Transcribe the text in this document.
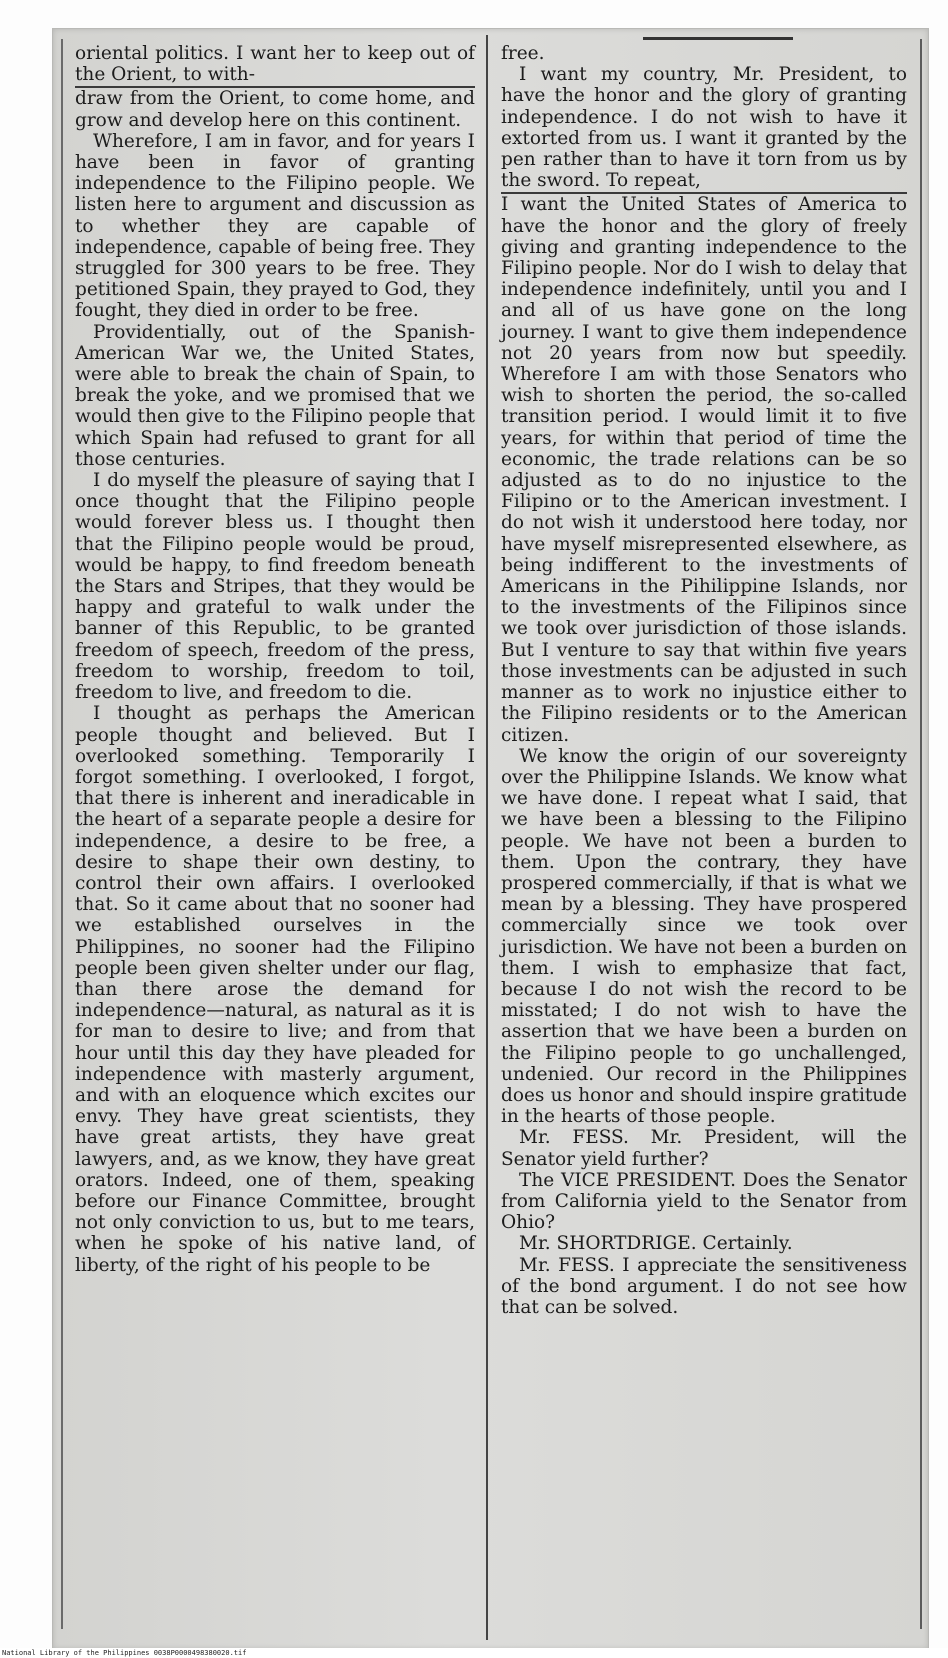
oriental politics. I want her to keep out of the Orient, to with-

draw from the Orient, to come home, and grow and develop here on this continent.

Wherefore, I am in favor, and for years I have been in favor of granting independence to the Filipino people. We listen here to argument and discussion as to whether they are capable of independence, capable of being free. They struggled for 300 years to be free. They petitioned Spain, they prayed to God, they fought, they died in order to be free.

Providentially, out of the Spanish-American War we, the United States, were able to break the chain of Spain, to break the yoke, and we promised that we would then give to the Filipino people that which Spain had refused to grant for all those centuries.

I do myself the pleasure of saying that I once thought that the Filipino people would forever bless us. I thought then that the Filipino people would be proud, would be happy, to find freedom beneath the Stars and Stripes, that they would be happy and grateful to walk under the banner of this Republic, to be granted freedom of speech, freedom of the press, freedom to worship, freedom to toil, freedom to live, and freedom to die.

I thought as perhaps the American people thought and believed. But I overlooked something. Temporarily I forgot something. I overlooked, I forgot, that there is inherent and ineradicable in the heart of a separate people a desire for independence, a desire to be free, a desire to shape their own destiny, to control their own affairs. I overlooked that. So it came about that no sooner had we established ourselves in the Philippines, no sooner had the Filipino people been given shelter under our flag, than there arose the demand for independence—natural, as natural as it is for man to desire to live; and from that hour until this day they have pleaded for independence with masterly argument, and with an eloquence which excites our envy. They have great scientists, they have great artists, they have great lawyers, and, as we know, they have great orators. Indeed, one of them, speaking before our Finance Committee, brought not only conviction to us, but to me tears, when he spoke of his native land, of liberty, of the right of his people to be

free.

I want my country, Mr. President, to have the honor and the glory of granting independence. I do not wish to have it extorted from us. I want it granted by the pen rather than to have it torn from us by the sword. To repeat,

I want the United States of America to have the honor and the glory of freely giving and granting independence to the Filipino people. Nor do I wish to delay that independence indefinitely, until you and I and all of us have gone on the long journey. I want to give them independence not 20 years from now but speedily. Wherefore I am with those Senators who wish to shorten the period, the so-called transition period. I would limit it to five years, for within that period of time the economic, the trade relations can be so adjusted as to do no injustice to the Filipino or to the American investment. I do not wish it understood here today, nor have myself misrepresented elsewhere, as being indifferent to the investments of Americans in the Pihilippine Islands, nor to the investments of the Filipinos since we took over jurisdiction of those islands. But I venture to say that within five years those investments can be adjusted in such manner as to work no injustice either to the Filipino residents or to the American citizen.

We know the origin of our sovereignty over the Philippine Islands. We know what we have done. I repeat what I said, that we have been a blessing to the Filipino people. We have not been a burden to them. Upon the contrary, they have prospered commercially, if that is what we mean by a blessing. They have prospered commercially since we took over jurisdiction. We have not been a burden on them. I wish to emphasize that fact, because I do not wish the record to be misstated; I do not wish to have the assertion that we have been a burden on the Filipino people to go unchallenged, undenied. Our record in the Philippines does us honor and should inspire gratitude in the hearts of those people.

Mr. FESS. Mr. President, will the Senator yield further?

The VICE PRESIDENT. Does the Senator from California yield to the Senator from Ohio?

Mr. SHORTDRIGE. Certainly.

Mr. FESS. I appreciate the sensitiveness of the bond argument. I do not see how that can be solved.

National Library of the Philippines 0038P0000498380020.tif
